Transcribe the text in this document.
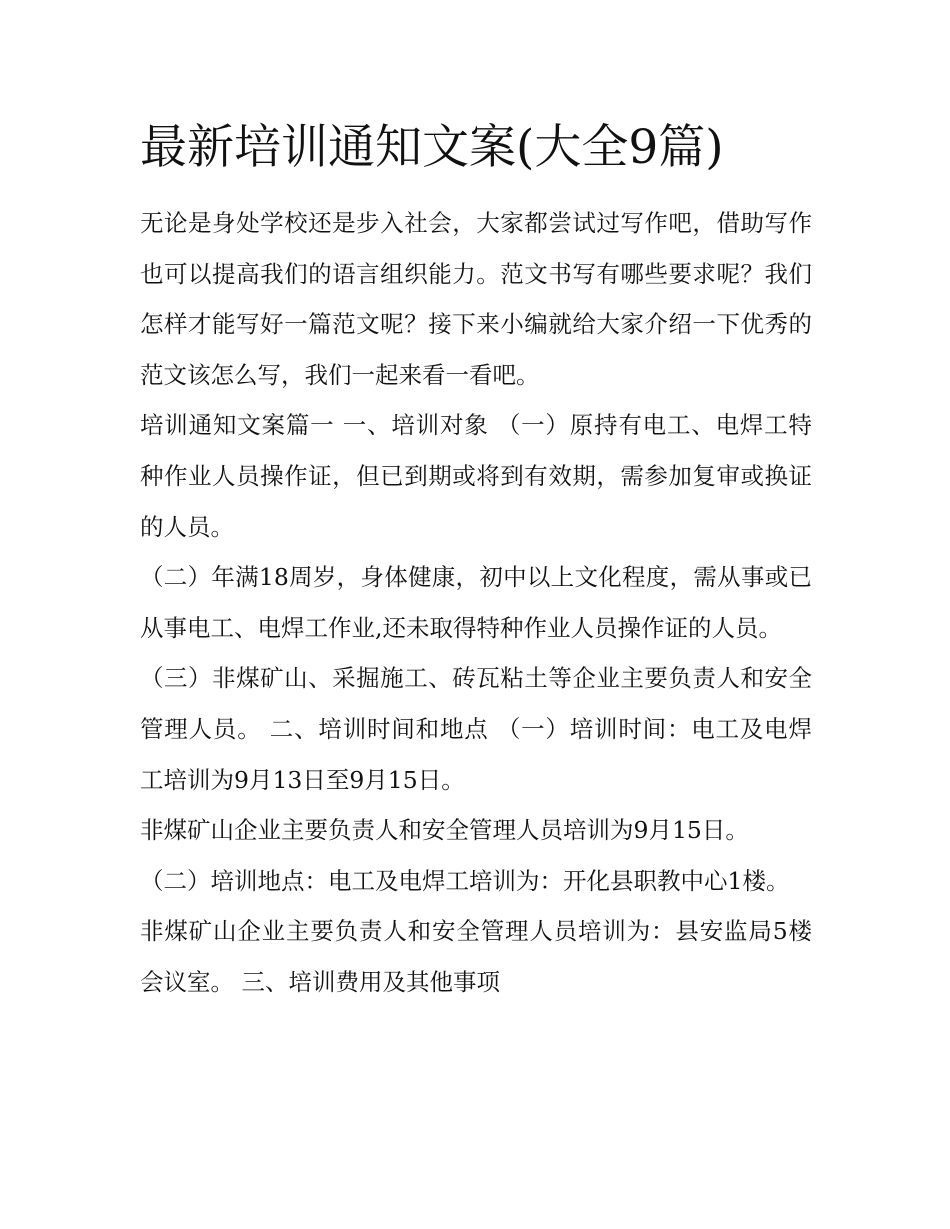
最新培训通知文案(大全9篇)

无论是身处学校还是步入社会，大家都尝试过写作吧，借助写作也可以提高我们的语言组织能力。范文书写有哪些要求呢？我们怎样才能写好一篇范文呢？接下来小编就给大家介绍一下优秀的范文该怎么写，我们一起来看一看吧。

培训通知文案篇一 一、培训对象 （一）原持有电工、电焊工特种作业人员操作证，但已到期或将到有效期，需参加复审或换证的人员。

（二）年满18周岁，身体健康，初中以上文化程度，需从事或已从事电工、电焊工作业,还未取得特种作业人员操作证的人员。

（三）非煤矿山、采掘施工、砖瓦粘土等企业主要负责人和安全管理人员。 二、培训时间和地点 （一）培训时间：电工及电焊工培训为9月13日至9月15日。

非煤矿山企业主要负责人和安全管理人员培训为9月15日。

（二）培训地点：电工及电焊工培训为：开化县职教中心1楼。

非煤矿山企业主要负责人和安全管理人员培训为：县安监局5楼会议室。 三、培训费用及其他事项
